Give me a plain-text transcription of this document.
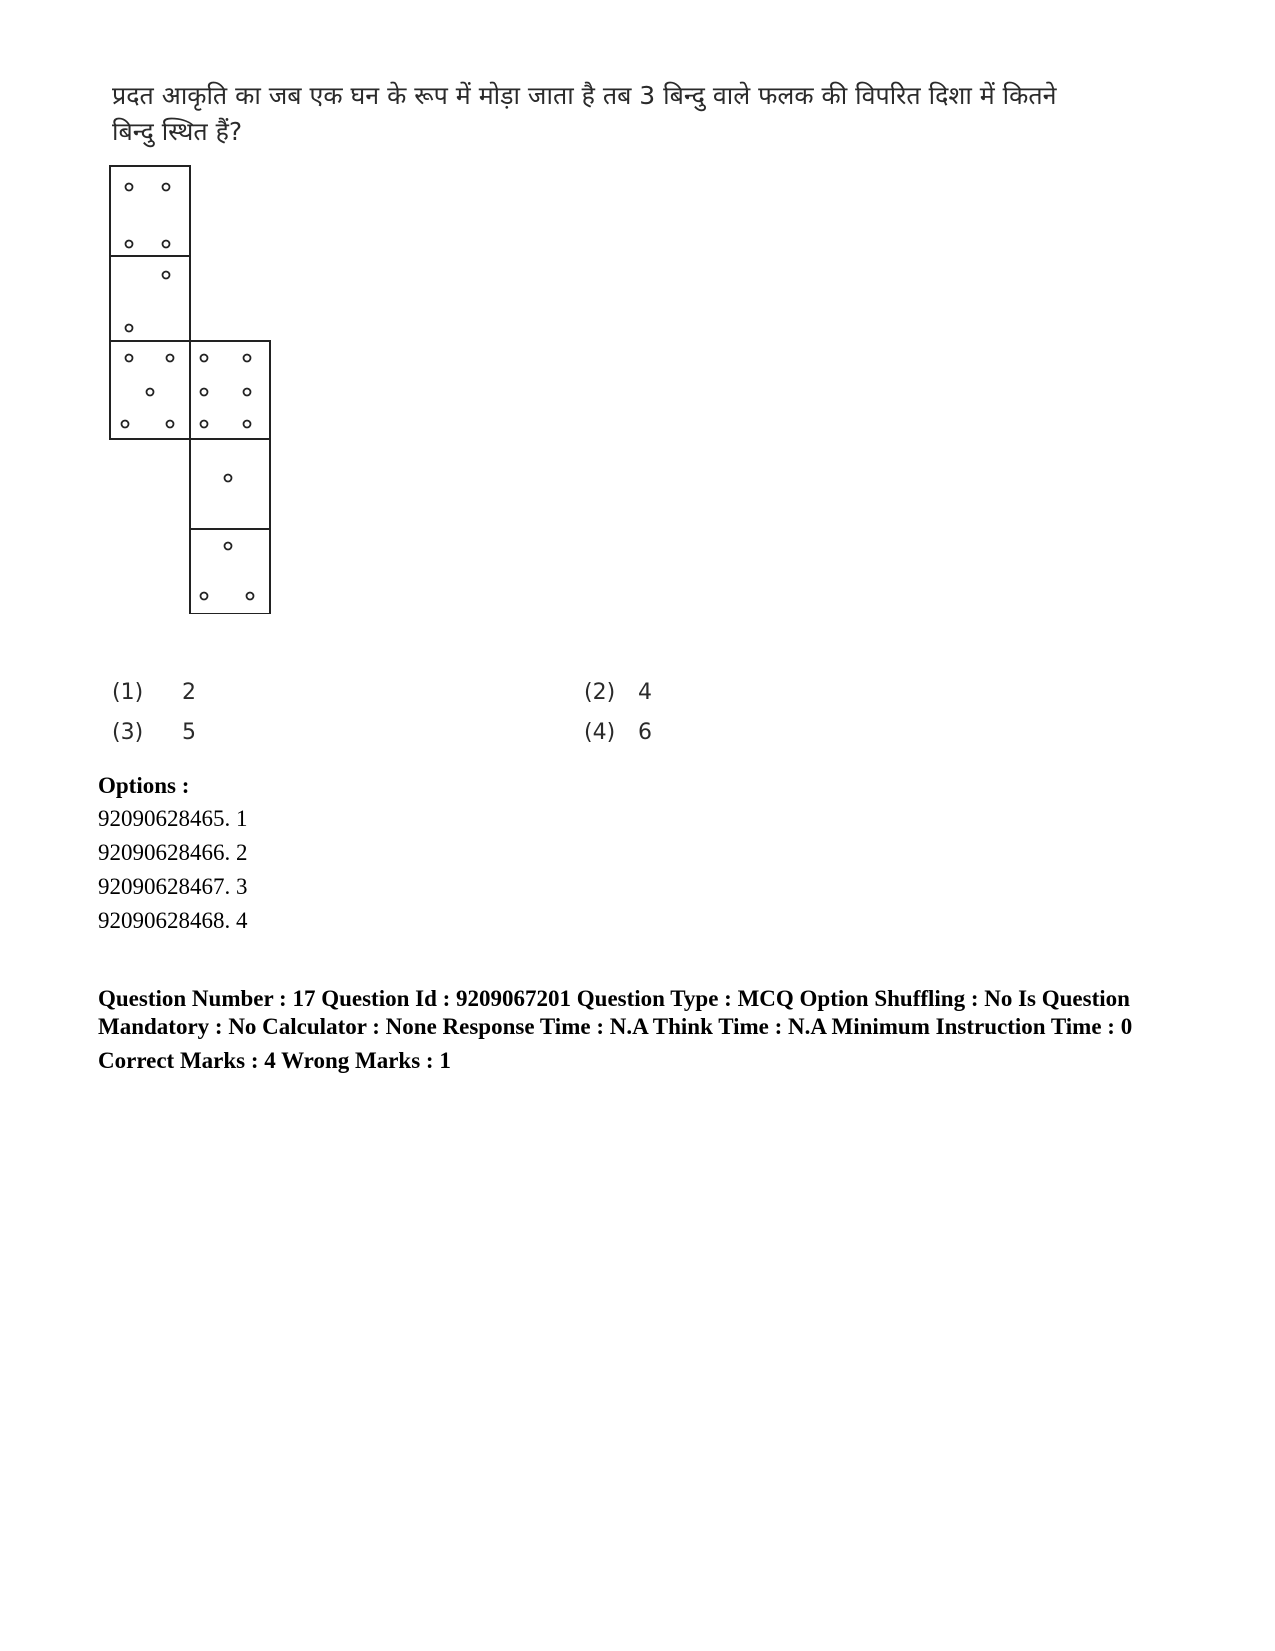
प्रदत आकृति का जब एक घन के रूप में मोड़ा जाता है तब 3 बिन्दु वाले फलक की विपरित दिशा में कितने बिन्दु स्थित हैं?
(1) 2	(2) 4
(3) 5	(4) 6
Options :
92090628465. 1
92090628466. 2
92090628467. 3
92090628468. 4
Question Number : 17 Question Id : 9209067201 Question Type : MCQ Option Shuffling : No Is Question Mandatory : No Calculator : None Response Time : N.A Think Time : N.A Minimum Instruction Time : 0
Correct Marks : 4 Wrong Marks : 1
